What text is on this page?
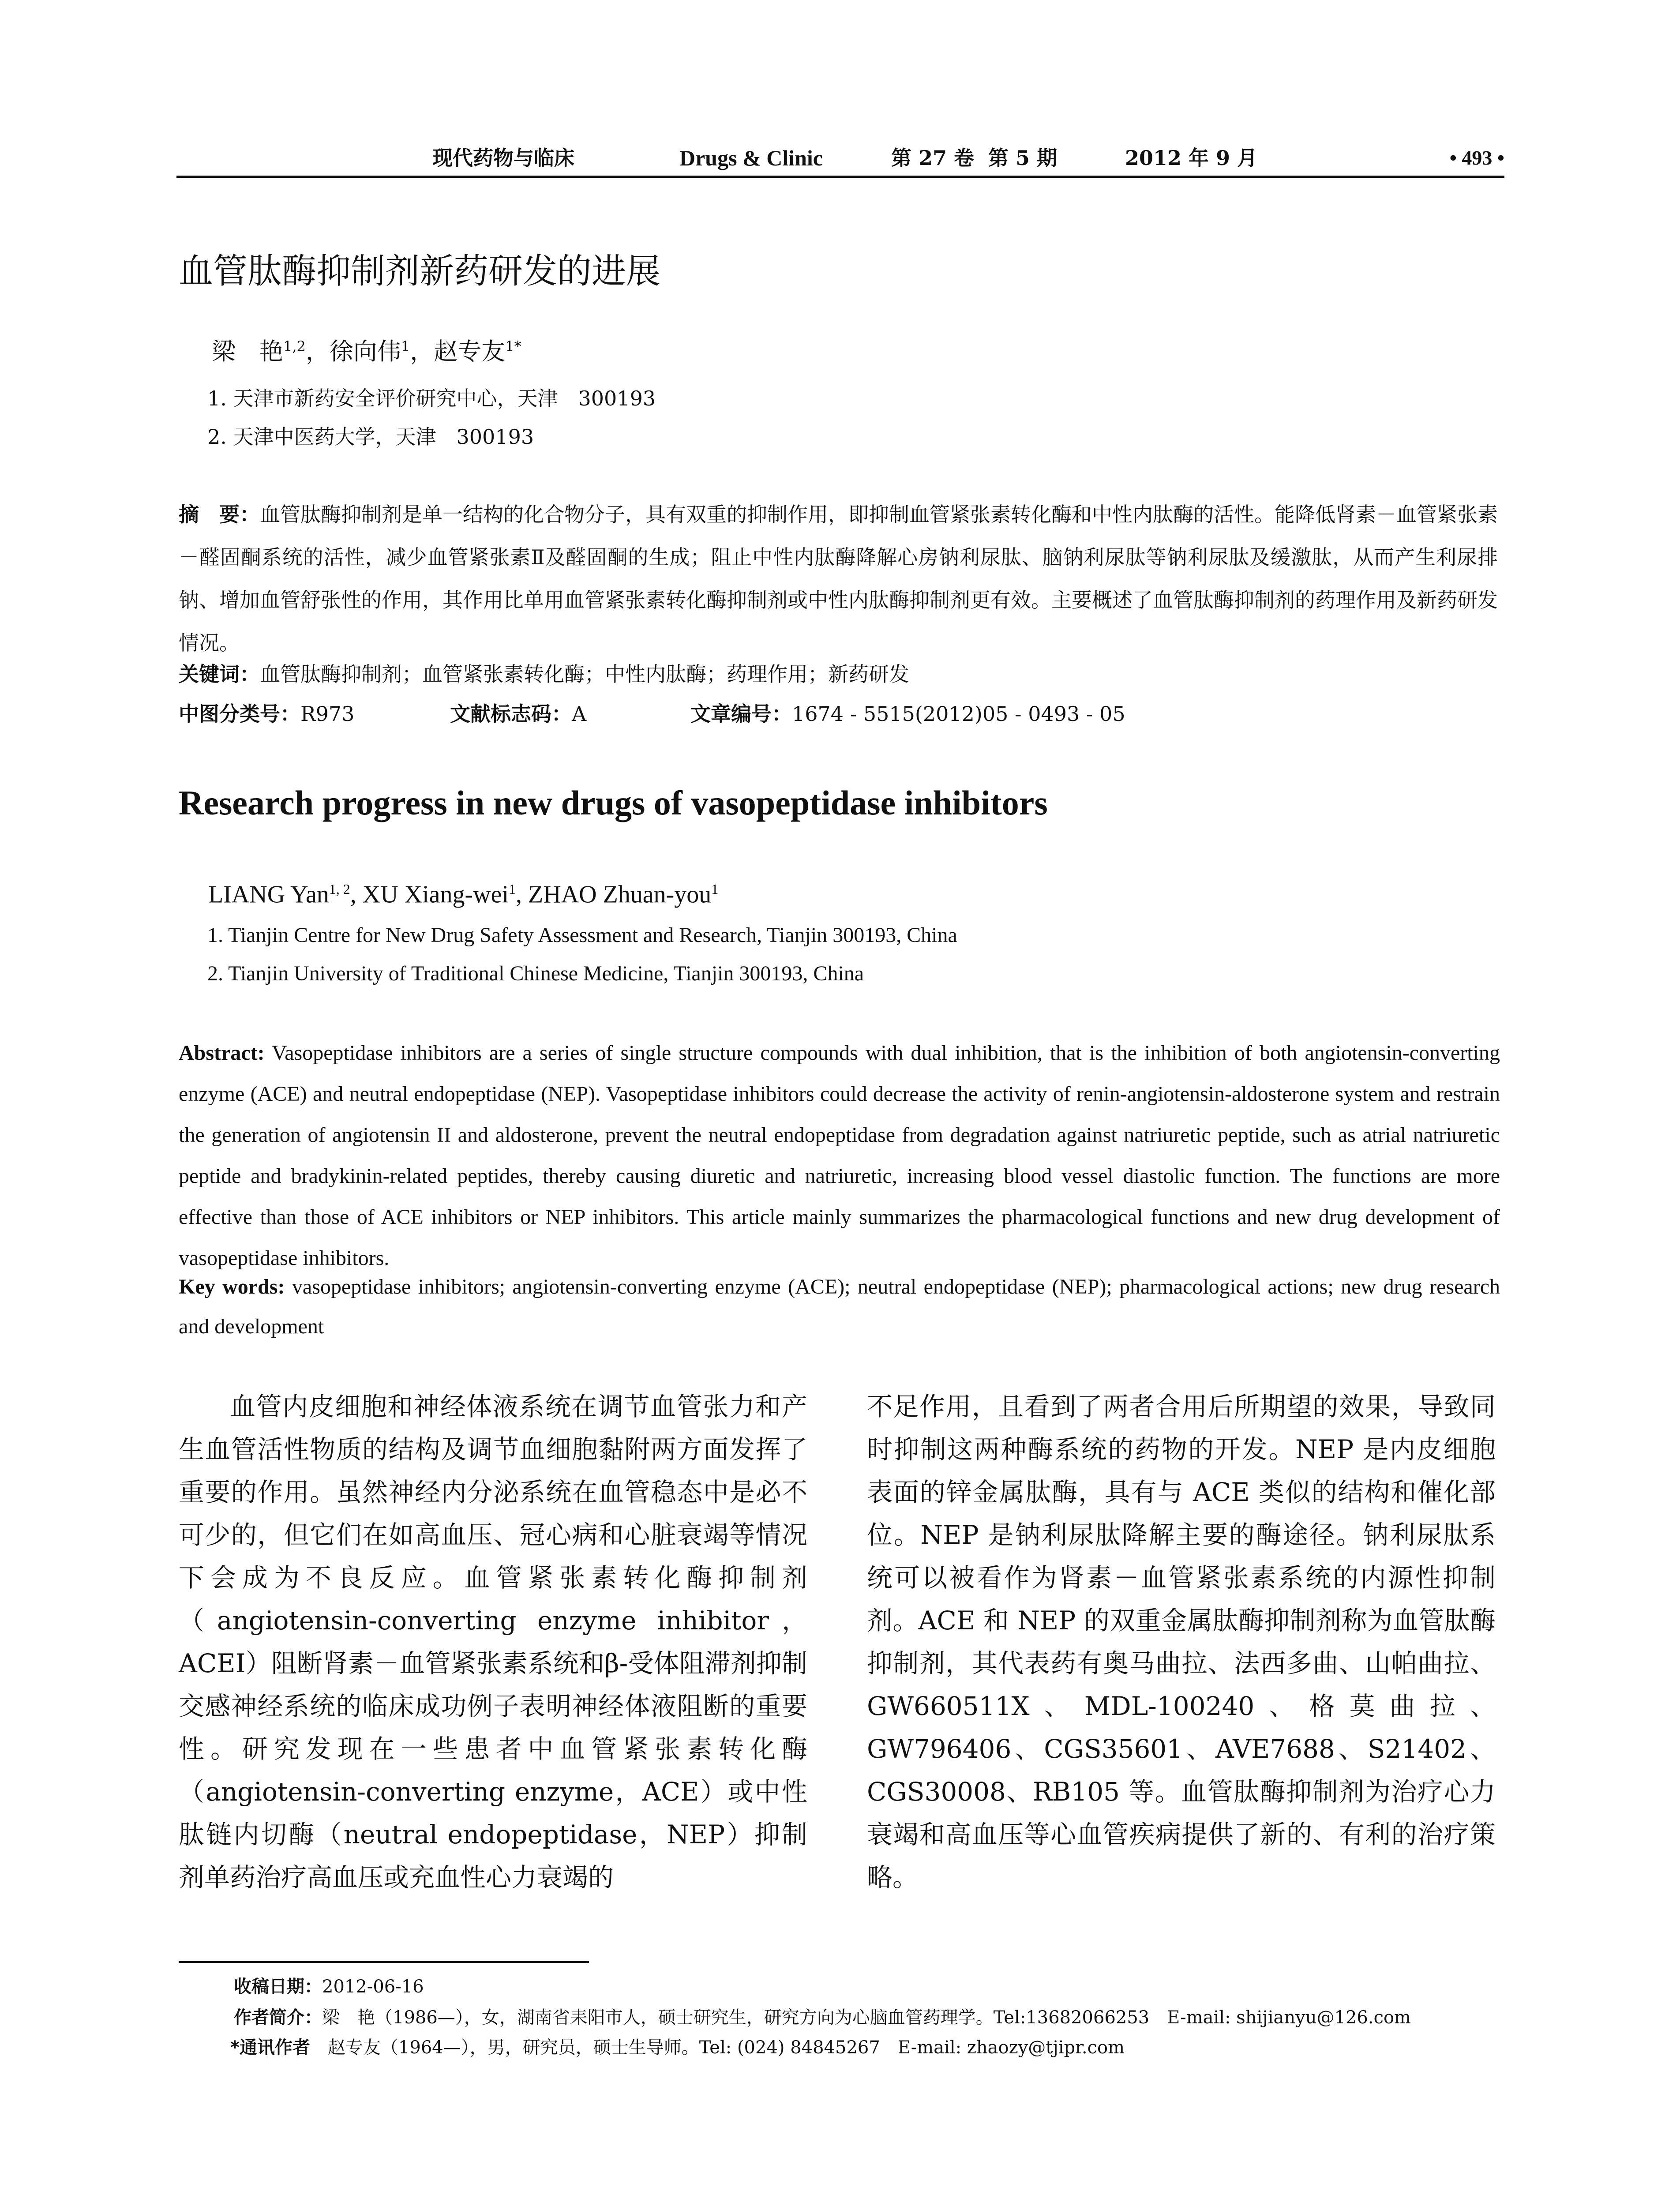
现代药物与临床	Drugs & Clinic	第 27 卷 第 5 期	2012 年 9 月	• 493 •
血管肽酶抑制剂新药研发的进展
梁　艳$^{1,2}$，徐向伟$^1$，赵专友$^{1*}$
1. 天津市新药安全评价研究中心，天津　300193
2. 天津中医药大学，天津　300193
摘　要：血管肽酶抑制剂是单一结构的化合物分子，具有双重的抑制作用，即抑制血管紧张素转化酶和中性内肽酶的活性。能降低肾素－血管紧张素－醛固酮系统的活性，减少血管紧张素Ⅱ及醛固酮的生成；阻止中性内肽酶降解心房钠利尿肽、脑钠利尿肽等钠利尿肽及缓激肽，从而产生利尿排钠、增加血管舒张性的作用，其作用比单用血管紧张素转化酶抑制剂或中性内肽酶抑制剂更有效。主要概述了血管肽酶抑制剂的药理作用及新药研发情况。
关键词：血管肽酶抑制剂；血管紧张素转化酶；中性内肽酶；药理作用；新药研发
中图分类号：R973	文献标志码：A	文章编号：1674 - 5515(2012)05 - 0493 - 05
Research progress in new drugs of vasopeptidase inhibitors
LIANG Yan$^{1, 2}$, XU Xiang-wei$^1$, ZHAO Zhuan-you$^1$
1. Tianjin Centre for New Drug Safety Assessment and Research, Tianjin 300193, China
2. Tianjin University of Traditional Chinese Medicine, Tianjin 300193, China
Abstract: Vasopeptidase inhibitors are a series of single structure compounds with dual inhibition, that is the inhibition of both angiotensin-converting enzyme (ACE) and neutral endopeptidase (NEP). Vasopeptidase inhibitors could decrease the activity of renin-angiotensin-aldosterone system and restrain the generation of angiotensin II and aldosterone, prevent the neutral endopeptidase from degradation against natriuretic peptide, such as atrial natriuretic peptide and bradykinin-related peptides, thereby causing diuretic and natriuretic, increasing blood vessel diastolic function. The functions are more effective than those of ACE inhibitors or NEP inhibitors. This article mainly summarizes the pharmacological functions and new drug development of vasopeptidase inhibitors.
Key words: vasopeptidase inhibitors; angiotensin-converting enzyme (ACE); neutral endopeptidase (NEP); pharmacological actions; new drug research and development
血管内皮细胞和神经体液系统在调节血管张力和产生血管活性物质的结构及调节血细胞黏附两方面发挥了重要的作用。虽然神经内分泌系统在血管稳态中是必不可少的，但它们在如高血压、冠心病和心脏衰竭等情况下会成为不良反应。血管紧张素转化酶抑制剂（angiotensin-converting enzyme inhibitor，ACEI）阻断肾素－血管紧张素系统和β-受体阻滞剂抑制交感神经系统的临床成功例子表明神经体液阻断的重要性。研究发现在一些患者中血管紧张素转化酶（angiotensin-converting enzyme，ACE）或中性肽链内切酶（neutral endopeptidase，NEP）抑制剂单药治疗高血压或充血性心力衰竭的
不足作用，且看到了两者合用后所期望的效果，导致同时抑制这两种酶系统的药物的开发。NEP 是内皮细胞表面的锌金属肽酶，具有与 ACE 类似的结构和催化部位。NEP 是钠利尿肽降解主要的酶途径。钠利尿肽系统可以被看作为肾素－血管紧张素系统的内源性抑制剂。ACE 和 NEP 的双重金属肽酶抑制剂称为血管肽酶抑制剂，其代表药有奥马曲拉、法西多曲、山帕曲拉、GW660511X、MDL-100240、格莫曲拉、GW796406、CGS35601、AVE7688、S21402、CGS30008、RB105 等。血管肽酶抑制剂为治疗心力衰竭和高血压等心血管疾病提供了新的、有利的治疗策略。
收稿日期：2012-06-16
作者简介：梁　艳（1986—），女，湖南省耒阳市人，硕士研究生，研究方向为心脑血管药理学。Tel:13682066253　E-mail: shijianyu@126.com
*通讯作者　赵专友（1964—），男，研究员，硕士生导师。Tel: (024) 84845267　E-mail: zhaozy@tjipr.com
